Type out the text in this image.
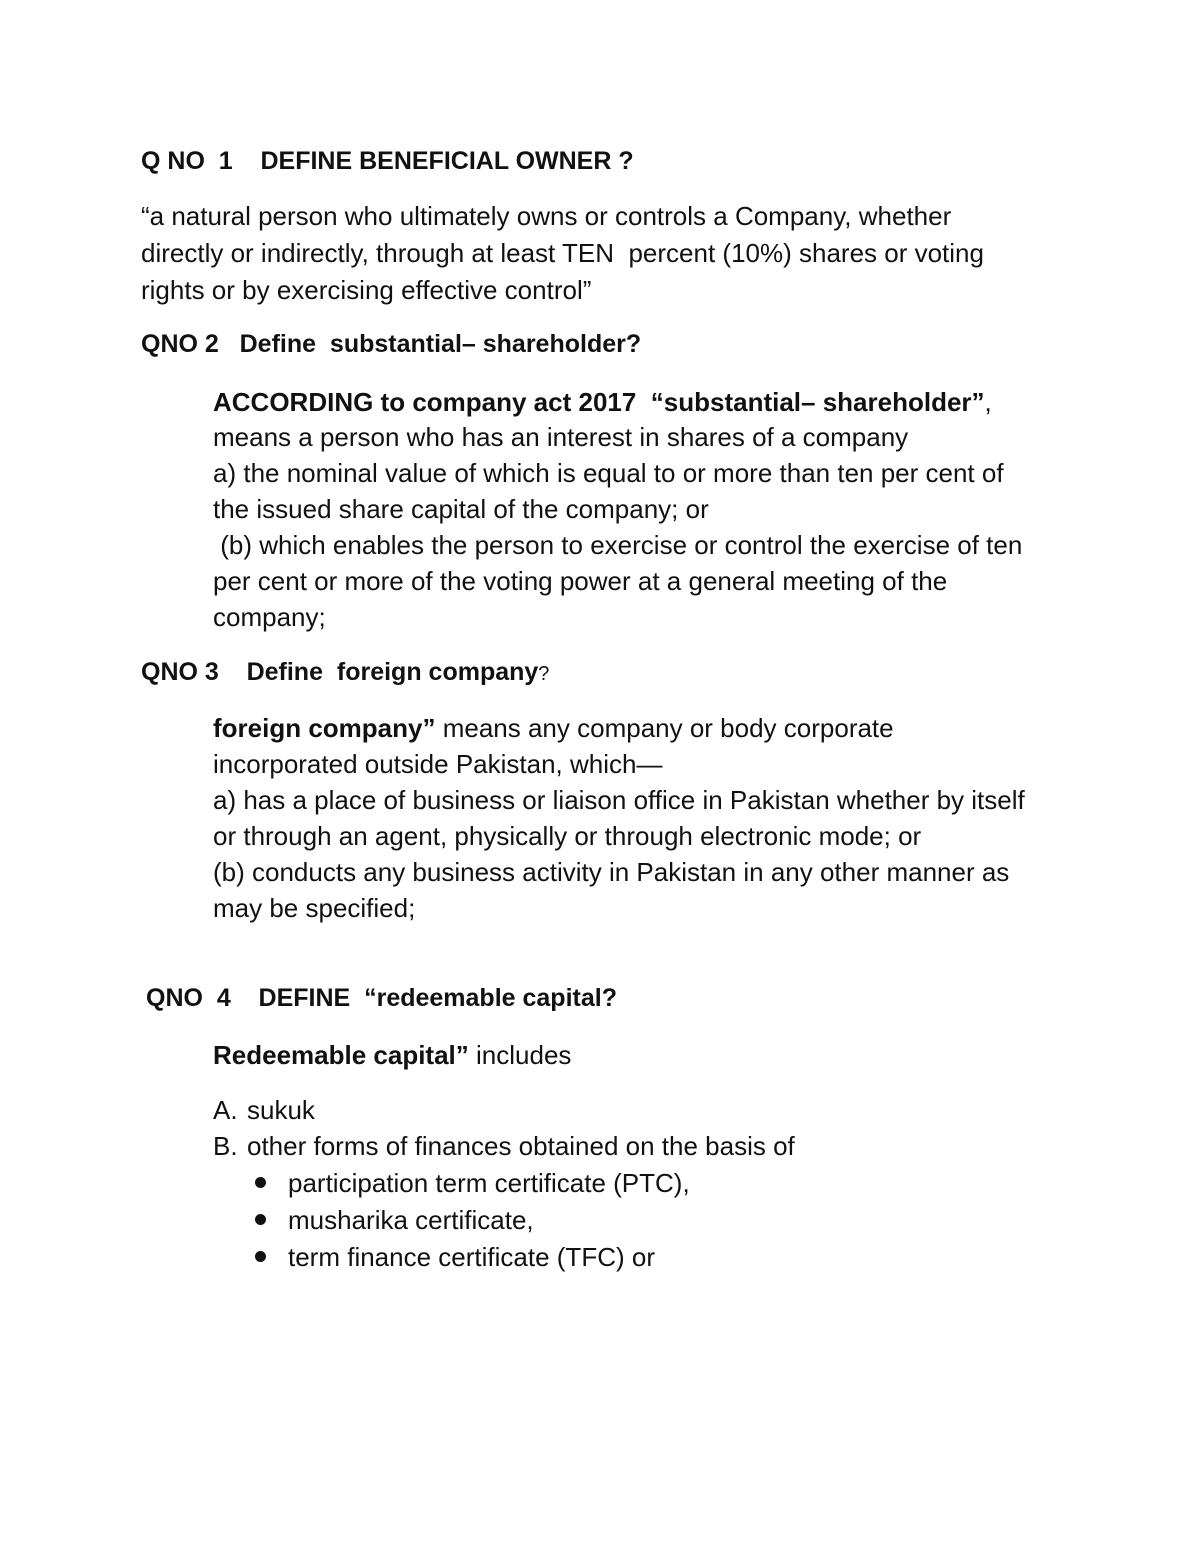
Q NO  1    DEFINE BENEFICIAL OWNER ?
“a natural person who ultimately owns or controls a Company, whether
directly or indirectly, through at least TEN  percent (10%) shares or voting
rights or by exercising effective control”
QNO 2   Define  substantial– shareholder?
ACCORDING to company act 2017  “substantial– shareholder”,
means a person who has an interest in shares of a company
a) the nominal value of which is equal to or more than ten per cent of
the issued share capital of the company; or
(b) which enables the person to exercise or control the exercise of ten
per cent or more of the voting power at a general meeting of the
company;
QNO 3    Define  foreign company?
foreign company” means any company or body corporate
incorporated outside Pakistan, which—
a) has a place of business or liaison office in Pakistan whether by itself
or through an agent, physically or through electronic mode; or
(b) conducts any business activity in Pakistan in any other manner as
may be specified;
QNO  4    DEFINE  “redeemable capital?
Redeemable capital” includes
A. sukuk
B. other forms of finances obtained on the basis of
participation term certificate (PTC),
musharika certificate,
term finance certificate (TFC) or
